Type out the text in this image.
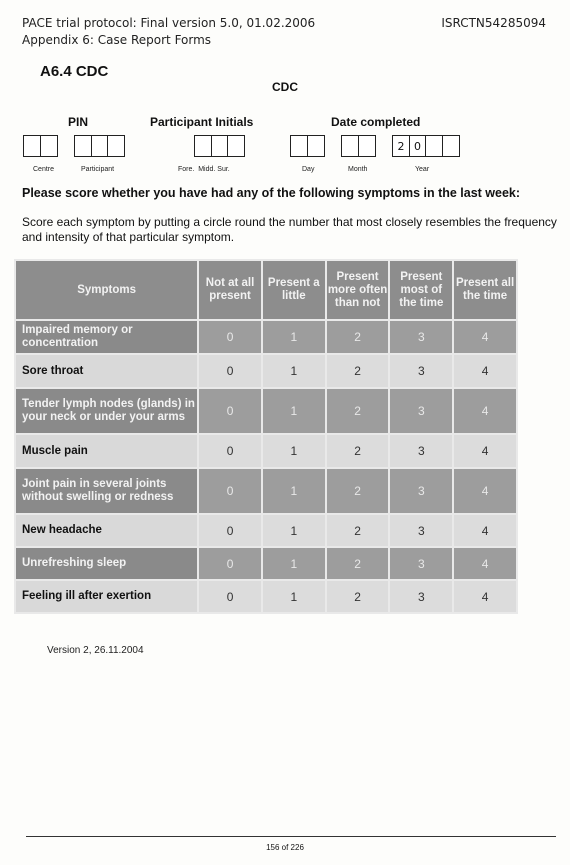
PACE trial protocol: Final version 5.0, 01.02.2006
Appendix 6: Case Report Forms
ISRCTN54285094
A6.4 CDC
CDC
PIN	Participant Initials	Date completed
2 0
Centre	Participant	Fore.  Midd. Sur.	Day	Month	Year
Please score whether you have had any of the following symptoms in the last week:
Score each symptom by putting a circle round the number that most closely resembles the frequency and intensity of that particular symptom.
Symptoms	Not at all present	Present a little	Present more often than not	Present most of the time	Present all the time
Impaired memory or concentration	0	1	2	3	4
Sore throat	0	1	2	3	4
Tender lymph nodes (glands) in your neck or under your arms	0	1	2	3	4
Muscle pain	0	1	2	3	4
Joint pain in several joints without swelling or redness	0	1	2	3	4
New headache	0	1	2	3	4
Unrefreshing sleep	0	1	2	3	4
Feeling ill after exertion	0	1	2	3	4
Version 2, 26.11.2004
156 of 226
